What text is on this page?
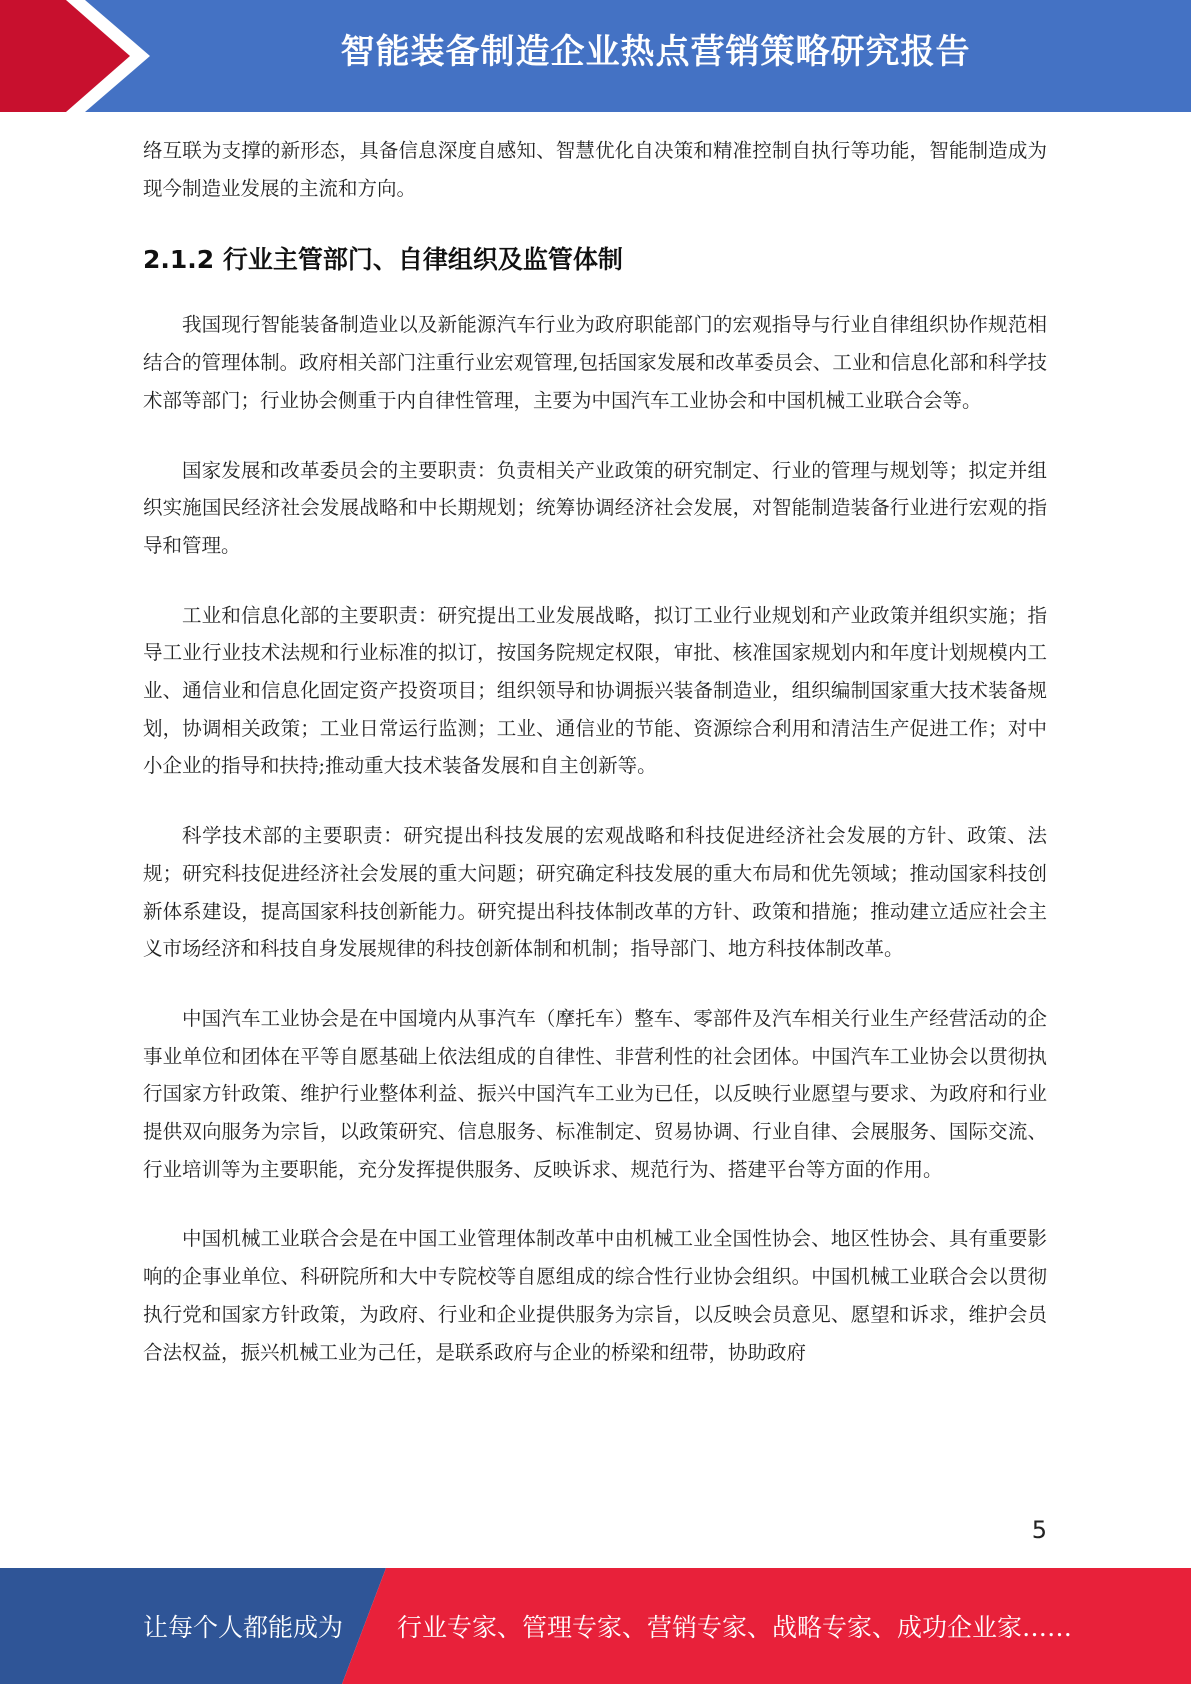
智能装备制造企业热点营销策略研究报告

络互联为支撑的新形态，具备信息深度自感知、智慧优化自决策和精准控制自执行等功能，智能制造成为现今制造业发展的主流和方向。

2.1.2 行业主管部门、自律组织及监管体制

我国现行智能装备制造业以及新能源汽车行业为政府职能部门的宏观指导与行业自律组织协作规范相结合的管理体制。政府相关部门注重行业宏观管理,包括国家发展和改革委员会、工业和信息化部和科学技术部等部门；行业协会侧重于内自律性管理，主要为中国汽车工业协会和中国机械工业联合会等。

国家发展和改革委员会的主要职责：负责相关产业政策的研究制定、行业的管理与规划等；拟定并组织实施国民经济社会发展战略和中长期规划；统筹协调经济社会发展，对智能制造装备行业进行宏观的指导和管理。

工业和信息化部的主要职责：研究提出工业发展战略，拟订工业行业规划和产业政策并组织实施；指导工业行业技术法规和行业标准的拟订，按国务院规定权限，审批、核准国家规划内和年度计划规模内工业、通信业和信息化固定资产投资项目；组织领导和协调振兴装备制造业，组织编制国家重大技术装备规划，协调相关政策；工业日常运行监测；工业、通信业的节能、资源综合利用和清洁生产促进工作；对中小企业的指导和扶持;推动重大技术装备发展和自主创新等。

科学技术部的主要职责：研究提出科技发展的宏观战略和科技促进经济社会发展的方针、政策、法规；研究科技促进经济社会发展的重大问题；研究确定科技发展的重大布局和优先领域；推动国家科技创新体系建设，提高国家科技创新能力。研究提出科技体制改革的方针、政策和措施；推动建立适应社会主义市场经济和科技自身发展规律的科技创新体制和机制；指导部门、地方科技体制改革。

中国汽车工业协会是在中国境内从事汽车（摩托车）整车、零部件及汽车相关行业生产经营活动的企事业单位和团体在平等自愿基础上依法组成的自律性、非营利性的社会团体。中国汽车工业协会以贯彻执行国家方针政策、维护行业整体利益、振兴中国汽车工业为已任，以反映行业愿望与要求、为政府和行业提供双向服务为宗旨，以政策研究、信息服务、标准制定、贸易协调、行业自律、会展服务、国际交流、行业培训等为主要职能，充分发挥提供服务、反映诉求、规范行为、搭建平台等方面的作用。

中国机械工业联合会是在中国工业管理体制改革中由机械工业全国性协会、地区性协会、具有重要影响的企事业单位、科研院所和大中专院校等自愿组成的综合性行业协会组织。中国机械工业联合会以贯彻执行党和国家方针政策，为政府、行业和企业提供服务为宗旨，以反映会员意见、愿望和诉求，维护会员合法权益，振兴机械工业为己任，是联系政府与企业的桥梁和纽带，协助政府

5
让每个人都能成为 行业专家、管理专家、营销专家、战略专家、成功企业家……
